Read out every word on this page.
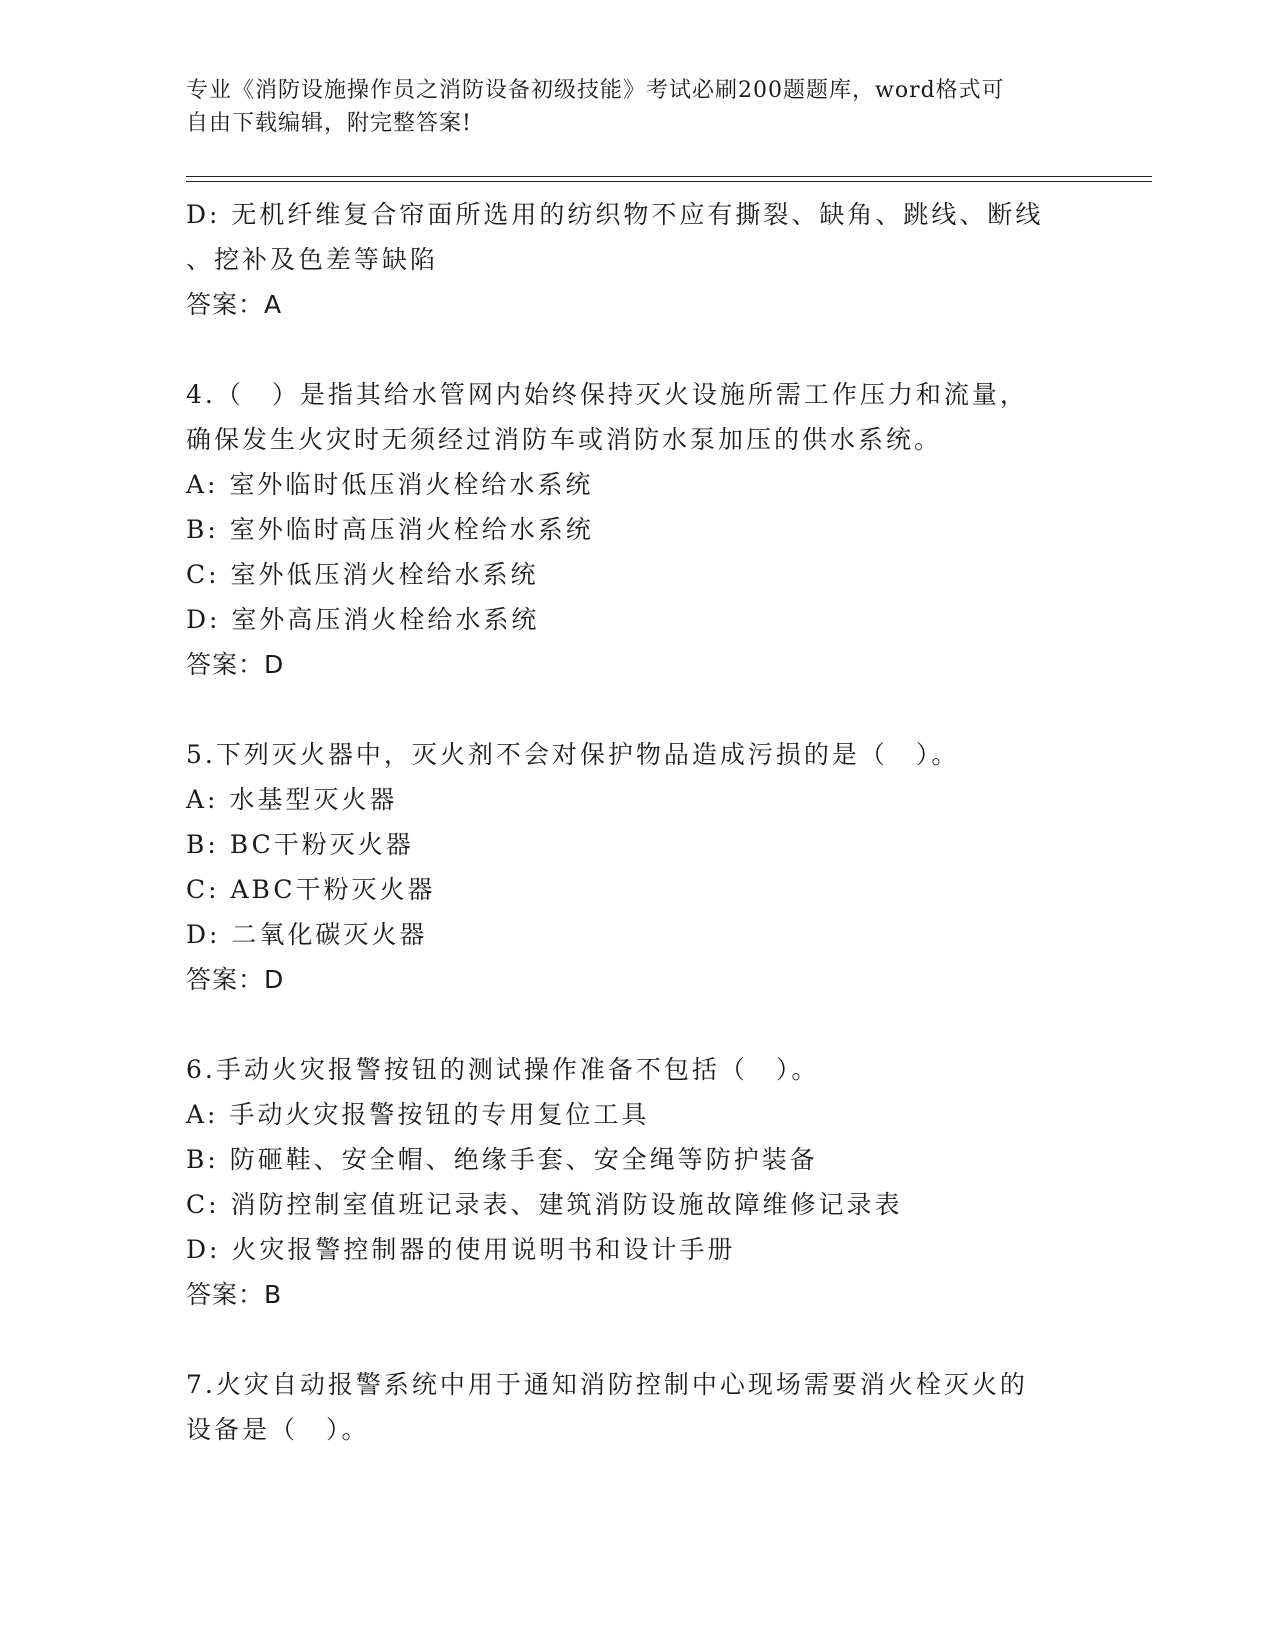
专业《消防设施操作员之消防设备初级技能》考试必刷200题题库，word格式可
自由下载编辑，附完整答案!
D: 无机纤维复合帘面所选用的纺织物不应有撕裂、缺角、跳线、断线
、挖补及色差等缺陷
答案：A
4.（　）是指其给水管网内始终保持灭火设施所需工作压力和流量，
确保发生火灾时无须经过消防车或消防水泵加压的供水系统。
A: 室外临时低压消火栓给水系统
B: 室外临时高压消火栓给水系统
C: 室外低压消火栓给水系统
D: 室外高压消火栓给水系统
答案：D
5.下列灭火器中，灭火剂不会对保护物品造成污损的是（　）。
A: 水基型灭火器
B: BC干粉灭火器
C: ABC干粉灭火器
D: 二氧化碳灭火器
答案：D
6.手动火灾报警按钮的测试操作准备不包括（　）。
A: 手动火灾报警按钮的专用复位工具
B: 防砸鞋、安全帽、绝缘手套、安全绳等防护装备
C: 消防控制室值班记录表、建筑消防设施故障维修记录表
D: 火灾报警控制器的使用说明书和设计手册
答案：B
7.火灾自动报警系统中用于通知消防控制中心现场需要消火栓灭火的
设备是（　）。
